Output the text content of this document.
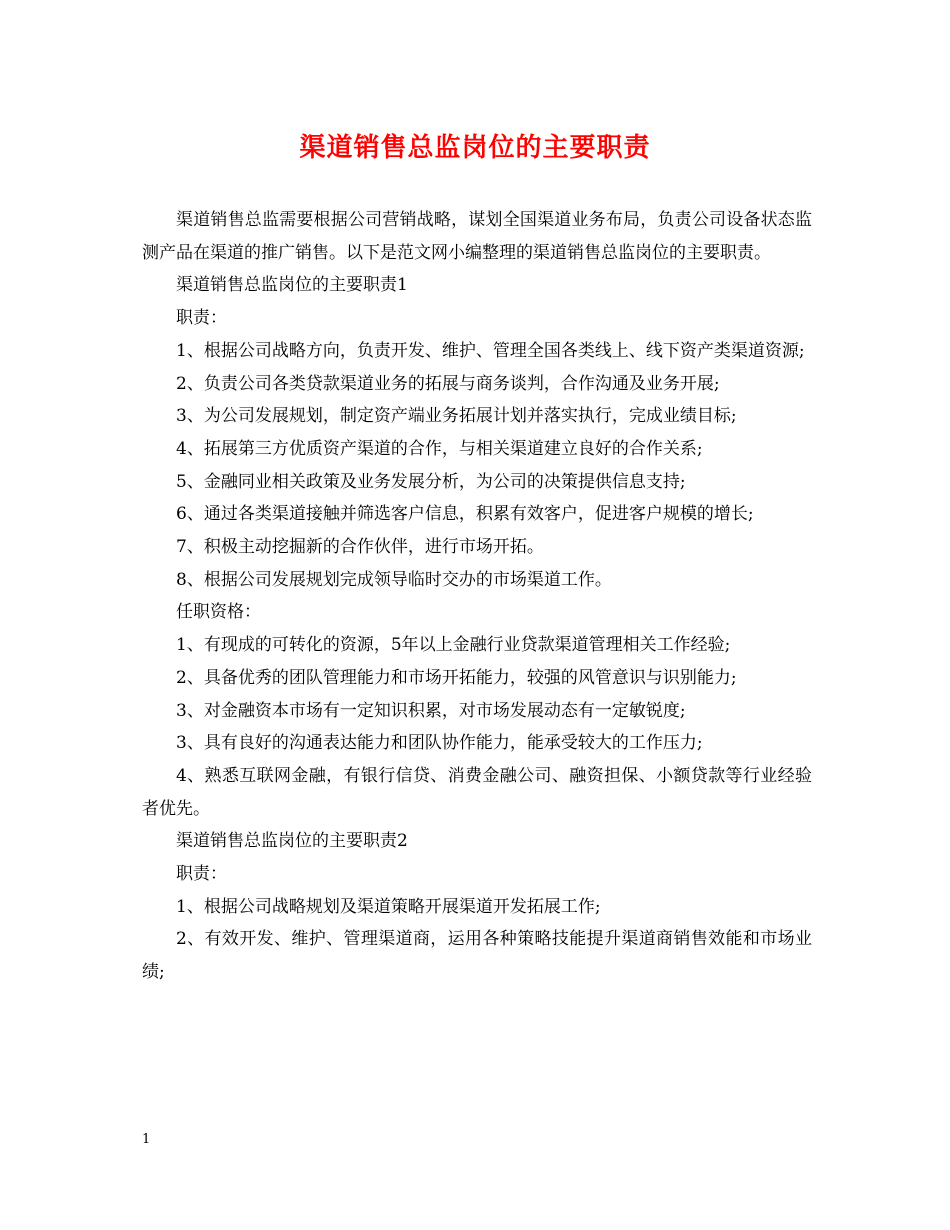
渠道销售总监岗位的主要职责

渠道销售总监需要根据公司营销战略，谋划全国渠道业务布局，负责公司设备状态监测产品在渠道的推广销售。以下是范文网小编整理的渠道销售总监岗位的主要职责。

渠道销售总监岗位的主要职责1

职责：

1、根据公司战略方向，负责开发、维护、管理全国各类线上、线下资产类渠道资源;

2、负责公司各类贷款渠道业务的拓展与商务谈判，合作沟通及业务开展;

3、为公司发展规划，制定资产端业务拓展计划并落实执行，完成业绩目标;

4、拓展第三方优质资产渠道的合作，与相关渠道建立良好的合作关系;

5、金融同业相关政策及业务发展分析，为公司的决策提供信息支持;

6、通过各类渠道接触并筛选客户信息，积累有效客户，促进客户规模的增长;

7、积极主动挖掘新的合作伙伴，进行市场开拓。

8、根据公司发展规划完成领导临时交办的市场渠道工作。

任职资格：

1、有现成的可转化的资源，5年以上金融行业贷款渠道管理相关工作经验;

2、具备优秀的团队管理能力和市场开拓能力，较强的风管意识与识别能力;

3、对金融资本市场有一定知识积累，对市场发展动态有一定敏锐度;

3、具有良好的沟通表达能力和团队协作能力，能承受较大的工作压力;

4、熟悉互联网金融，有银行信贷、消费金融公司、融资担保、小额贷款等行业经验者优先。

渠道销售总监岗位的主要职责2

职责：

1、根据公司战略规划及渠道策略开展渠道开发拓展工作;

2、有效开发、维护、管理渠道商，运用各种策略技能提升渠道商销售效能和市场业绩;

1
